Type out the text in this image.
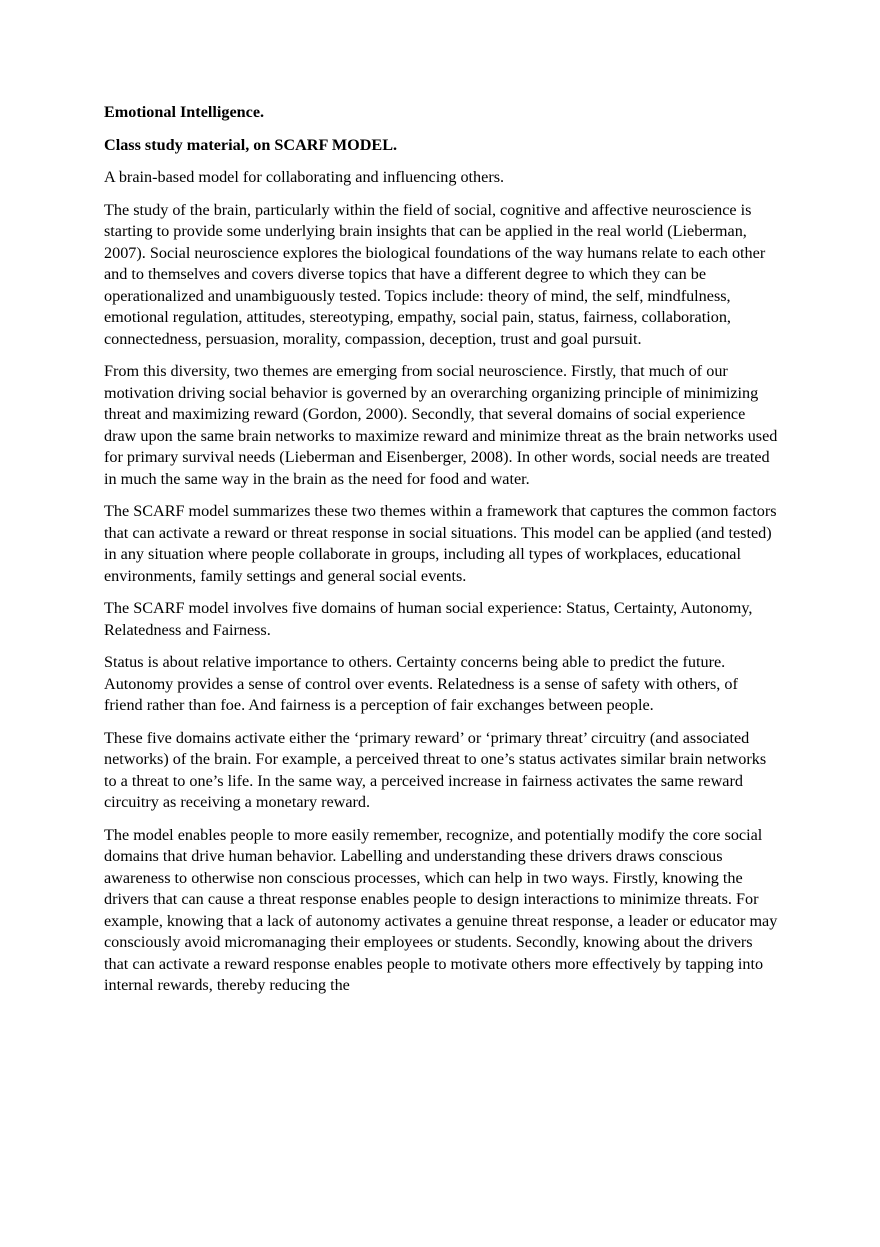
Emotional Intelligence.

Class study material, on SCARF MODEL.

A brain-based model for collaborating and influencing others.

The study of the brain, particularly within the field of social, cognitive and affective neuroscience is starting to provide some underlying brain insights that can be applied in the real world (Lieberman, 2007). Social neuroscience explores the biological foundations of the way humans relate to each other and to themselves and covers diverse topics that have a different degree to which they can be operationalized and unambiguously tested. Topics include: theory of mind, the self, mindfulness, emotional regulation, attitudes, stereotyping, empathy, social pain, status, fairness, collaboration, connectedness, persuasion, morality, compassion, deception, trust and goal pursuit.

From this diversity, two themes are emerging from social neuroscience. Firstly, that much of our motivation driving social behavior is governed by an overarching organizing principle of minimizing threat and maximizing reward (Gordon, 2000). Secondly, that several domains of social experience draw upon the same brain networks to maximize reward and minimize threat as the brain networks used for primary survival needs (Lieberman and Eisenberger, 2008). In other words, social needs are treated in much the same way in the brain as the need for food and water.

The SCARF model summarizes these two themes within a framework that captures the common factors that can activate a reward or threat response in social situations. This model can be applied (and tested) in any situation where people collaborate in groups, including all types of workplaces, educational environments, family settings and general social events.

The SCARF model involves five domains of human social experience: Status, Certainty, Autonomy, Relatedness and Fairness.

Status is about relative importance to others. Certainty concerns being able to predict the future. Autonomy provides a sense of control over events. Relatedness is a sense of safety with others, of friend rather than foe. And fairness is a perception of fair exchanges between people.

These five domains activate either the ‘primary reward’ or ‘primary threat’ circuitry (and associated networks) of the brain. For example, a perceived threat to one’s status activates similar brain networks to a threat to one’s life. In the same way, a perceived increase in fairness activates the same reward circuitry as receiving a monetary reward.

The model enables people to more easily remember, recognize, and potentially modify the core social domains that drive human behavior. Labelling and understanding these drivers draws conscious awareness to otherwise non conscious processes, which can help in two ways. Firstly, knowing the drivers that can cause a threat response enables people to design interactions to minimize threats. For example, knowing that a lack of autonomy activates a genuine threat response, a leader or educator may consciously avoid micromanaging their employees or students. Secondly, knowing about the drivers that can activate a reward response enables people to motivate others more effectively by tapping into internal rewards, thereby reducing the
